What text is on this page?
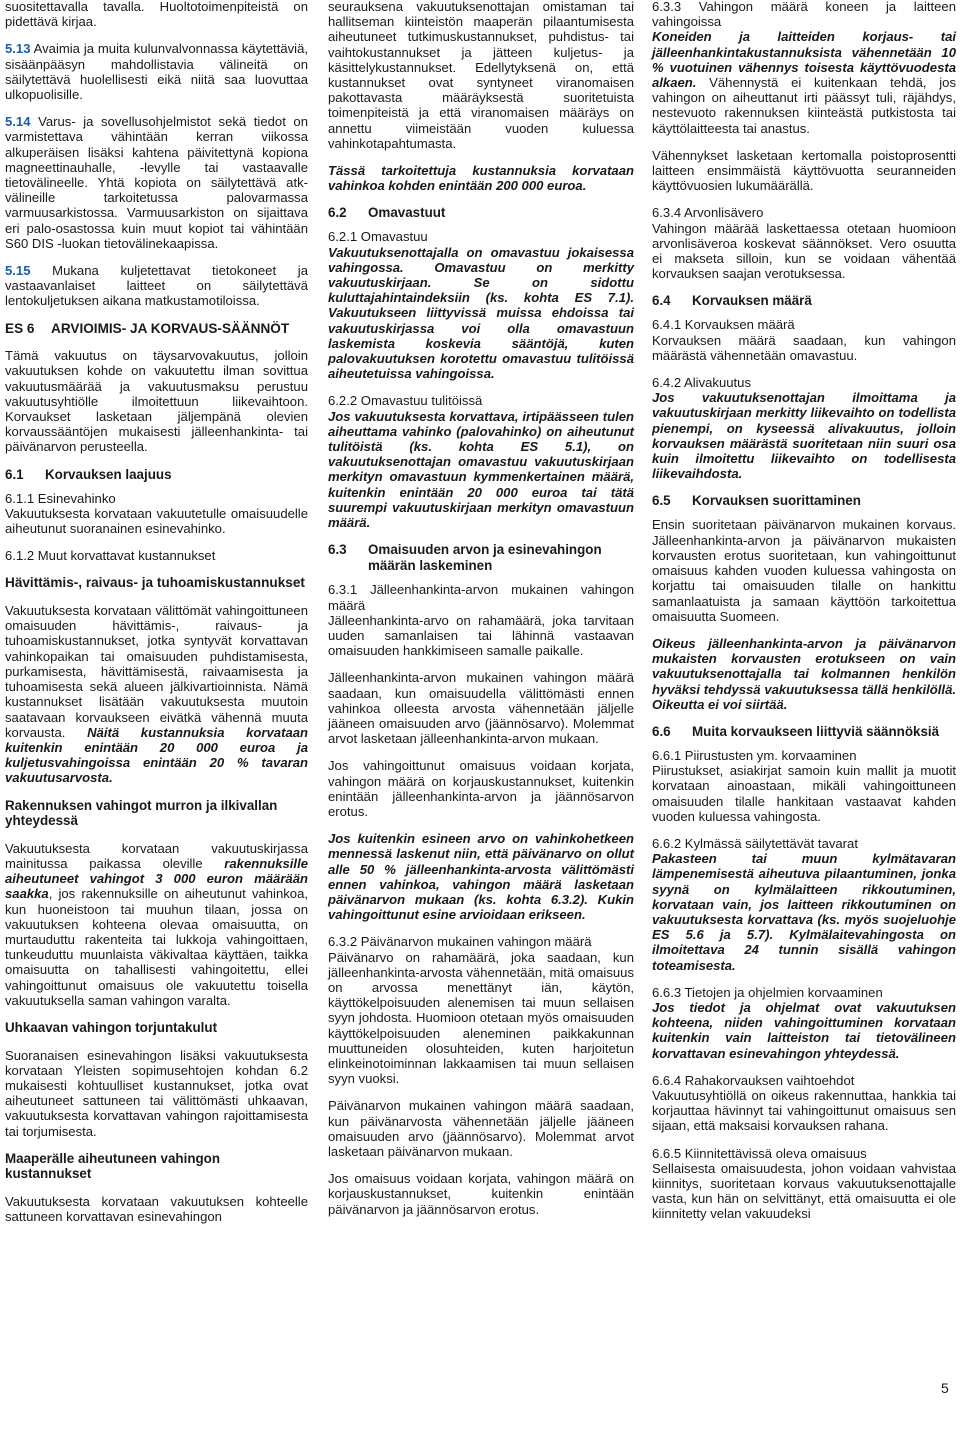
suositettavalla tavalla. Huoltotoimenpiteistä on pidettävä kirjaa.

5.13 Avaimia ja muita kulunvalvonnassa käytettäviä, sisäänpääsyn mahdollistavia välineitä on säilytettävä huolellisesti eikä niitä saa luovuttaa ulkopuolisille.

5.14 Varus- ja sovellusohjelmistot sekä tiedot on varmistettava vähintään kerran viikossa alkuperäisen lisäksi kahtena päivitettynä kopiona magneettinauhalle, -levylle tai vastaavalle tietovälineelle. Yhtä kopiota on säilytettävä atk-välineille tarkoitetussa palovarmassa varmuusarkistossa. Varmuusarkiston on sijaittava eri palo-osastossa kuin muut kopiot tai vähintään S60 DIS -luokan tietovälinekaapissa.

5.15 Mukana kuljetettavat tietokoneet ja vastaavanlaiset laitteet on säilytettävä lentokuljetuksen aikana matkustamotiloissa.

ES 6	ARVIOIMIS- JA KORVAUS-SÄÄNNÖT

Tämä vakuutus on täysarvovakuutus, jolloin vakuutuksen kohde on vakuutettu ilman sovittua vakuutusmäärää ja vakuutusmaksu perustuu vakuutusyhtiölle ilmoitettuun liikevaihtoon. Korvaukset lasketaan jäljempänä olevien korvaussääntöjen mukaisesti jälleenhankinta- tai päivänarvon perusteella.

6.1	Korvauksen laajuus

6.1.1 Esinevahinko

Vakuutuksesta korvataan vakuutetulle omaisuudelle aiheutunut suoranainen esinevahinko.

6.1.2 Muut korvattavat kustannukset

Hävittämis-, raivaus- ja tuhoamiskustannukset

Vakuutuksesta korvataan välittömät vahingoittuneen omaisuuden hävittämis-, raivaus- ja tuhoamiskustannukset, jotka syntyvät korvattavan vahinkopaikan tai omaisuuden puhdistamisesta, purkamisesta, hävittämisestä, raivaamisesta ja tuhoamisesta sekä alueen jälkivartioinnista. Nämä kustannukset lisätään vakuutuksesta muutoin saatavaan korvaukseen eivätkä vähennä muuta korvausta. Näitä kustannuksia korvataan kuitenkin enintään 20 000 euroa ja kuljetusvahingoissa enintään 20 % tavaran vakuutusarvosta.

Rakennuksen vahingot murron ja ilkivallan yhteydessä

Vakuutuksesta korvataan vakuutuskirjassa mainitussa paikassa oleville rakennuksille aiheutuneet vahingot 3 000 euron määrään saakka, jos rakennuksille on aiheutunut vahinkoa, kun huoneistoon tai muuhun tilaan, jossa on vakuutuksen kohteena olevaa omaisuutta, on murtauduttu rakenteita tai lukkoja vahingoittaen, tunkeuduttu muunlaista väkivaltaa käyttäen, taikka omaisuutta on tahallisesti vahingoitettu, ellei vahingoittunut omaisuus ole vakuutettu toisella vakuutuksella saman vahingon varalta.

Uhkaavan vahingon torjuntakulut

Suoranaisen esinevahingon lisäksi vakuutuksesta korvataan Yleisten sopimusehtojen kohdan 6.2 mukaisesti kohtuulliset kustannukset, jotka ovat aiheutuneet sattuneen tai välittömästi uhkaavan, vakuutuksesta korvattavan vahingon rajoittamisesta tai torjumisesta.

Maaperälle aiheutuneen vahingon kustannukset

Vakuutuksesta korvataan vakuutuksen kohteelle sattuneen korvattavan esinevahingon

seurauksena vakuutuksenottajan omistaman tai hallitseman kiinteistön maaperän pilaantumisesta aiheutuneet tutkimuskustannukset, puhdistus- tai vaihtokustannukset ja jätteen kuljetus- ja käsittelykustannukset. Edellytyksenä on, että kustannukset ovat syntyneet viranomaisen pakottavasta määräyksestä suoritetuista toimenpiteistä ja että viranomaisen määräys on annettu viimeistään vuoden kuluessa vahinkotapahtumasta.

Tässä tarkoitettuja kustannuksia korvataan vahinkoa kohden enintään 200 000 euroa.

6.2	Omavastuut

6.2.1 Omavastuu

Vakuutuksenottajalla on omavastuu jokaisessa vahingossa. Omavastuu on merkitty vakuutuskirjaan. Se on sidottu kuluttajahintaindeksiin (ks. kohta ES 7.1). Vakuutukseen liittyvissä muissa ehdoissa tai vakuutuskirjassa voi olla omavastuun laskemista koskevia sääntöjä, kuten palovakuutuksen korotettu omavastuu tulitöissä aiheutetuissa vahingoissa.

6.2.2 Omavastuu tulitöissä

Jos vakuutuksesta korvattava, irtipäässeen tulen aiheuttama vahinko (palovahinko) on aiheutunut tulitöistä (ks. kohta ES 5.1), on vakuutuksenottajan omavastuu vakuutuskirjaan merkityn omavastuun kymmenkertainen määrä, kuitenkin enintään 20 000 euroa tai tätä suurempi vakuutuskirjaan merkityn omavastuun määrä.

6.3	Omaisuuden arvon ja esinevahingon määrän laskeminen

6.3.1 Jälleenhankinta-arvon mukainen vahingon määrä

Jälleenhankinta-arvo on rahamäärä, joka tarvitaan uuden samanlaisen tai lähinnä vastaavan omaisuuden hankkimiseen samalle paikalle.

Jälleenhankinta-arvon mukainen vahingon määrä saadaan, kun omaisuudella välittömästi ennen vahinkoa olleesta arvosta vähennetään jäljelle jääneen omaisuuden arvo (jäännösarvo). Molemmat arvot lasketaan jälleenhankinta-arvon mukaan.

Jos vahingoittunut omaisuus voidaan korjata, vahingon määrä on korjauskustannukset, kuitenkin enintään jälleenhankinta-arvon ja jäännösarvon erotus.

Jos kuitenkin esineen arvo on vahinkohetkeen mennessä laskenut niin, että päivänarvo on ollut alle 50 % jälleenhankinta-arvosta välittömästi ennen vahinkoa, vahingon määrä lasketaan päivänarvon mukaan (ks. kohta 6.3.2). Kukin vahingoittunut esine arvioidaan erikseen.

6.3.2 Päivänarvon mukainen vahingon määrä

Päivänarvo on rahamäärä, joka saadaan, kun jälleenhankinta-arvosta vähennetään, mitä omaisuus on arvossa menettänyt iän, käytön, käyttökelpoisuuden alenemisen tai muun sellaisen syyn johdosta. Huomioon otetaan myös omaisuuden käyttökelpoisuuden aleneminen paikkakunnan muuttuneiden olosuhteiden, kuten harjoitetun elinkeinotoiminnan lakkaamisen tai muun sellaisen syyn vuoksi.

Päivänarvon mukainen vahingon määrä saadaan, kun päivänarvosta vähennetään jäljelle jääneen omaisuuden arvo (jäännösarvo). Molemmat arvot lasketaan päivänarvon mukaan.

Jos omaisuus voidaan korjata, vahingon määrä on korjauskustannukset, kuitenkin enintään päivänarvon ja jäännösarvon erotus.

6.3.3 Vahingon määrä koneen ja laitteen vahingoissa

Koneiden ja laitteiden korjaus- tai jälleenhankintakustannuksista vähennetään 10 % vuotuinen vähennys toisesta käyttövuodesta alkaen. Vähennystä ei kuitenkaan tehdä, jos vahingon on aiheuttanut irti päässyt tuli, räjähdys, nestevuoto rakennuksen kiinteästä putkistosta tai käyttölaitteesta tai anastus.

Vähennykset lasketaan kertomalla poistoprosentti laitteen ensimmäistä käyttövuotta seuranneiden käyttövuosien lukumäärällä.

6.3.4 Arvonlisävero

Vahingon määrää laskettaessa otetaan huomioon arvonlisäveroa koskevat säännökset. Vero osuutta ei makseta silloin, kun se voidaan vähentää korvauksen saajan verotuksessa.

6.4	Korvauksen määrä

6.4.1 Korvauksen määrä

Korvauksen määrä saadaan, kun vahingon määrästä vähennetään omavastuu.

6.4.2 Alivakuutus

Jos vakuutuksenottajan ilmoittama ja vakuutuskirjaan merkitty liikevaihto on todellista pienempi, on kyseessä alivakuutus, jolloin korvauksen määrästä suoritetaan niin suuri osa kuin ilmoitettu liikevaihto on todellisesta liikevaihdosta.

6.5	Korvauksen suorittaminen

Ensin suoritetaan päivänarvon mukainen korvaus. Jälleenhankinta-arvon ja päivänarvon mukaisten korvausten erotus suoritetaan, kun vahingoittunut omaisuus kahden vuoden kuluessa vahingosta on korjattu tai omaisuuden tilalle on hankittu samanlaatuista ja samaan käyttöön tarkoitettua omaisuutta Suomeen.

Oikeus jälleenhankinta-arvon ja päivänarvon mukaisten korvausten erotukseen on vain vakuutuksenottajalla tai kolmannen henkilön hyväksi tehdyssä vakuutuksessa tällä henkilöllä. Oikeutta ei voi siirtää.

6.6	Muita korvaukseen liittyviä säännöksiä

6.6.1 Piirustusten ym. korvaaminen

Piirustukset, asiakirjat samoin kuin mallit ja muotit korvataan ainoastaan, mikäli vahingoittuneen omaisuuden tilalle hankitaan vastaavat kahden vuoden kuluessa vahingosta.

6.6.2 Kylmässä säilytettävät tavarat

Pakasteen tai muun kylmätavaran lämpenemisestä aiheutuva pilaantuminen, jonka syynä on kylmälaitteen rikkoutuminen, korvataan vain, jos laitteen rikkoutuminen on vakuutuksesta korvattava (ks. myös suojeluohje ES 5.6 ja 5.7). Kylmälaitevahingosta on ilmoitettava 24 tunnin sisällä vahingon toteamisesta.

6.6.3 Tietojen ja ohjelmien korvaaminen

Jos tiedot ja ohjelmat ovat vakuutuksen kohteena, niiden vahingoittuminen korvataan kuitenkin vain laitteiston tai tietovälineen korvattavan esinevahingon yhteydessä.

6.6.4 Rahakorvauksen vaihtoehdot

Vakuutusyhtiöllä on oikeus rakennuttaa, hankkia tai korjauttaa hävinnyt tai vahingoittunut omaisuus sen sijaan, että maksaisi korvauksen rahana.

6.6.5 Kiinnitettävissä oleva omaisuus

Sellaisesta omaisuudesta, johon voidaan vahvistaa kiinnitys, suoritetaan korvaus vakuutuksenottajalle vasta, kun hän on selvittänyt, että omaisuutta ei ole kiinnitetty velan vakuudeksi

5
